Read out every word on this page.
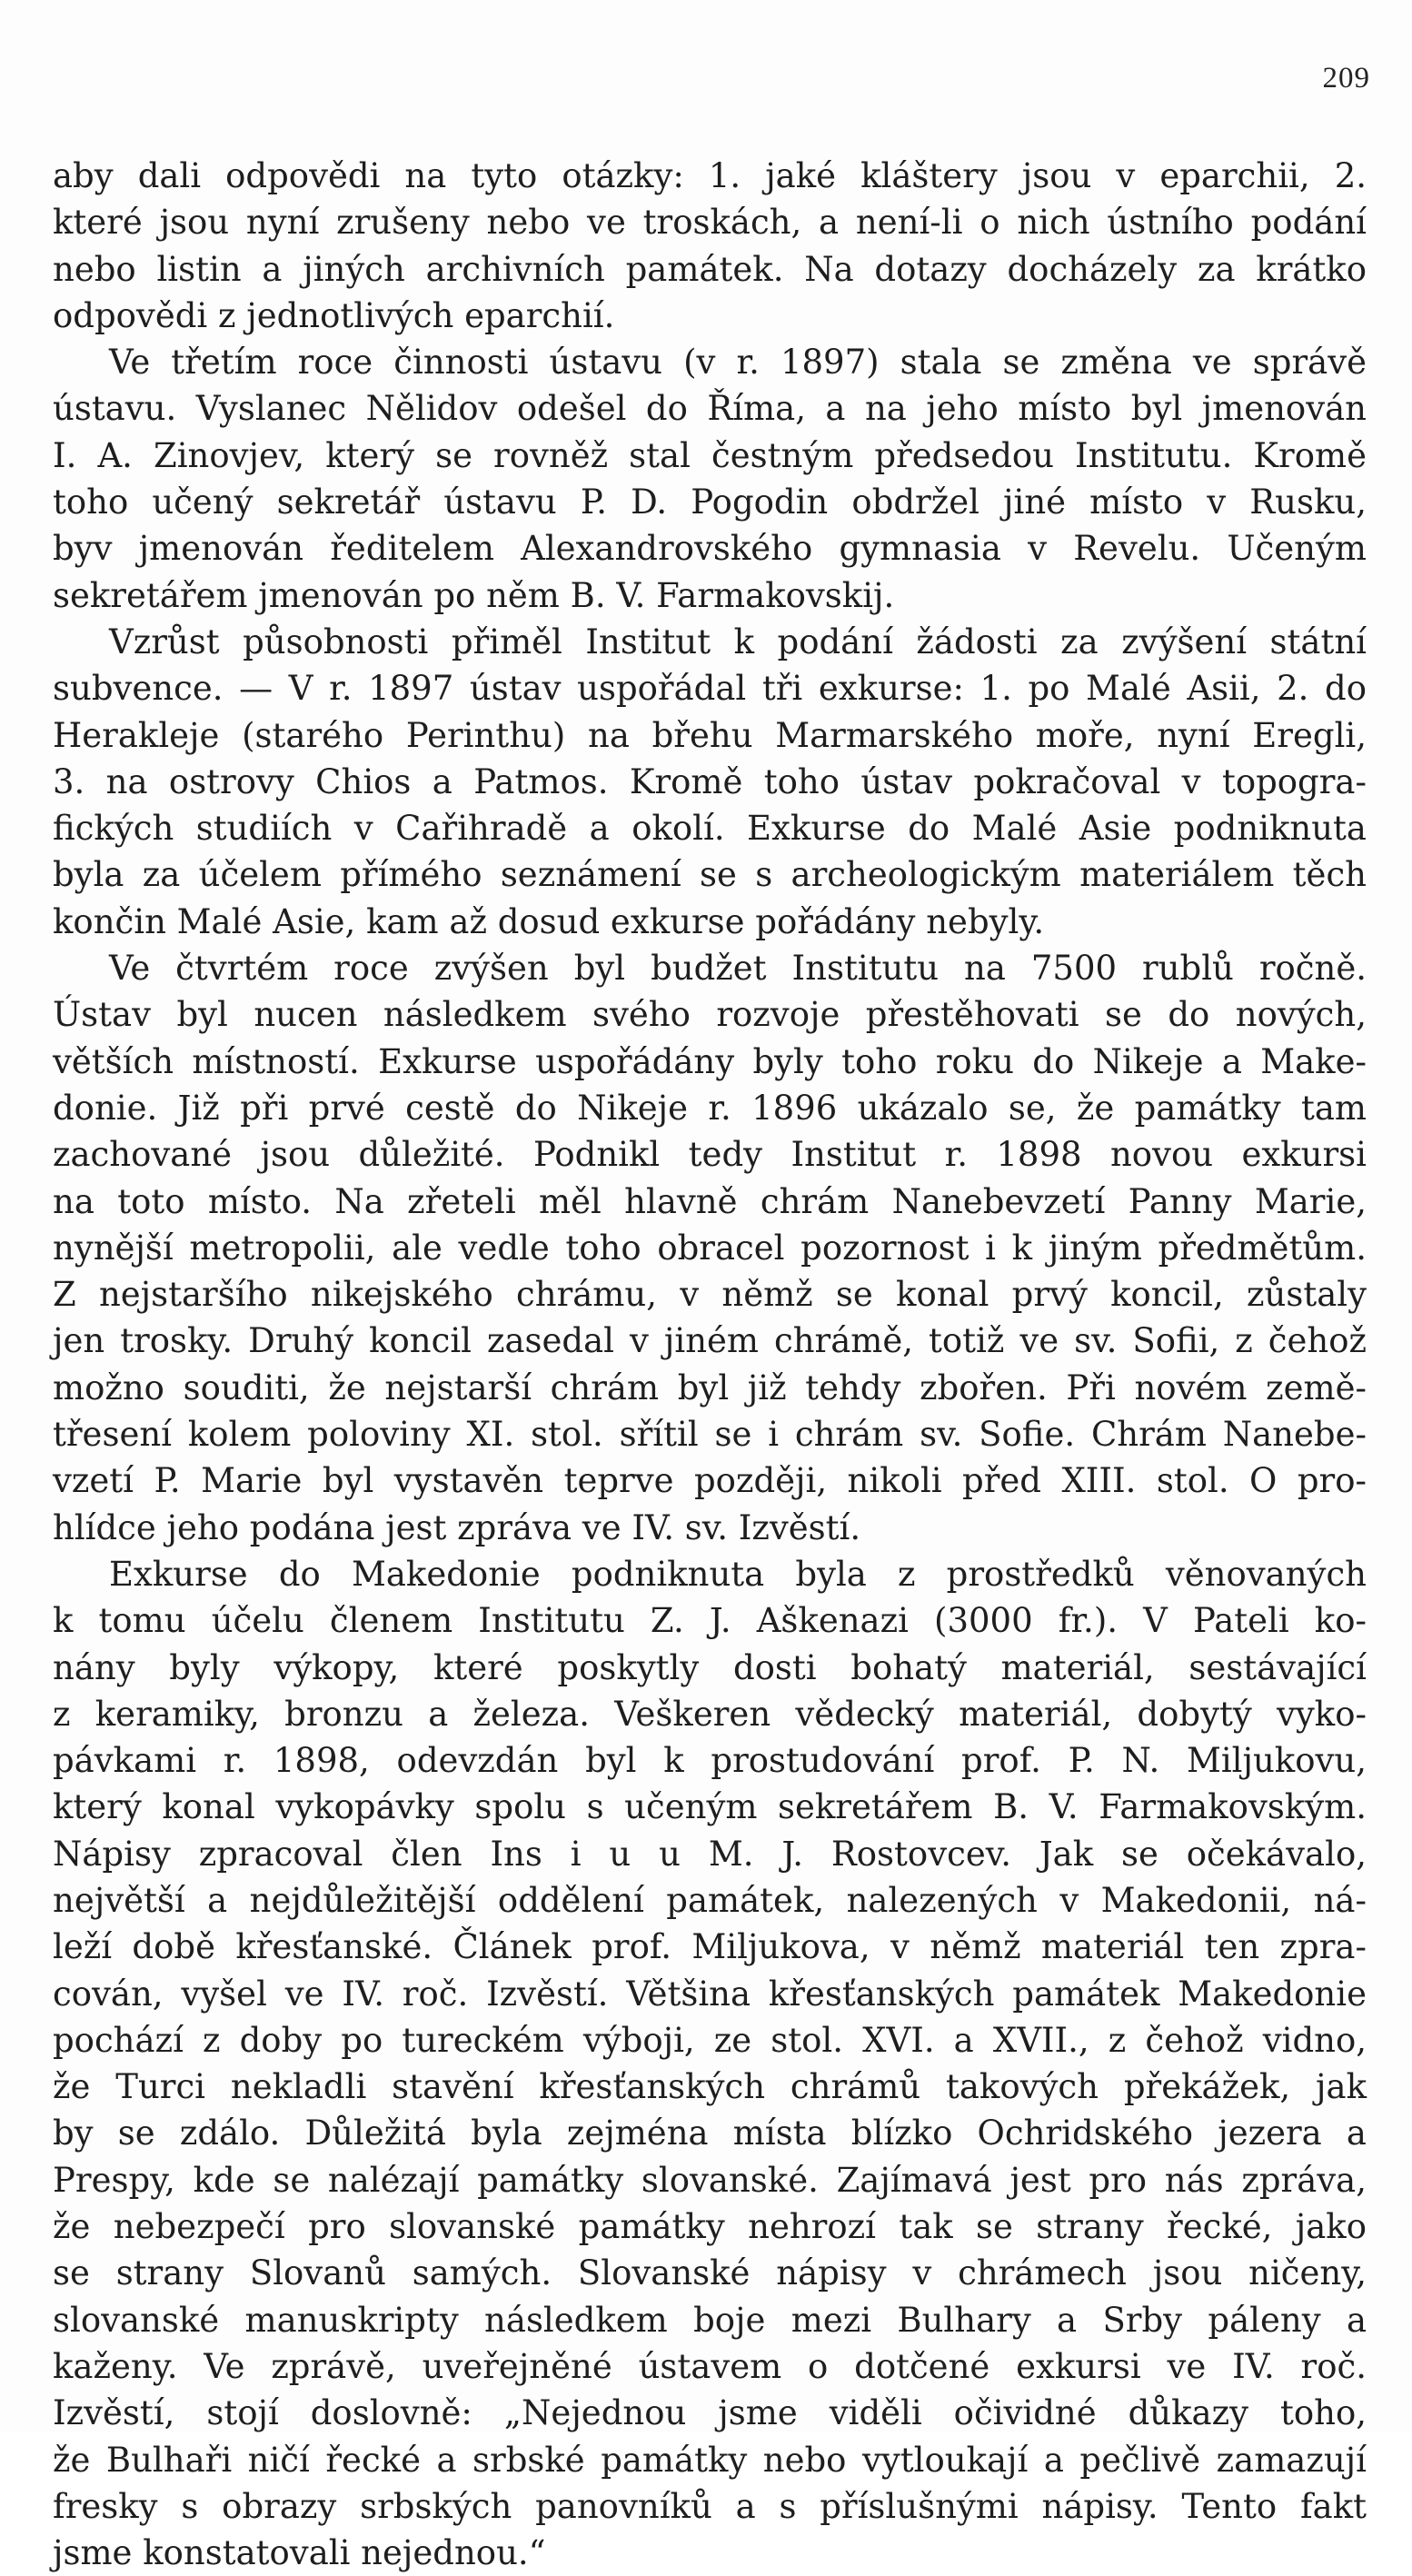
209
aby dali odpovědi na tyto otázky: 1. jaké kláštery jsou v eparchii, 2.
které jsou nyní zrušeny nebo ve troskách, a není-li o nich ústního podání
nebo listin a jiných archivních památek. Na dotazy docházely za krátko
odpovědi z jednotlivých eparchií.
Ve třetím roce činnosti ústavu (v r. 1897) stala se změna ve správě
ústavu. Vyslanec Nělidov odešel do Říma, a na jeho místo byl jmenován
I. A. Zinovjev, který se rovněž stal čestným předsedou Institutu. Kromě
toho učený sekretář ústavu P. D. Pogodin obdržel jiné místo v Rusku,
byv jmenován ředitelem Alexandrovského gymnasia v Revelu. Učeným
sekretářem jmenován po něm B. V. Farmakovskij.
Vzrůst působnosti přiměl Institut k podání žádosti za zvýšení státní
subvence. — V r. 1897 ústav uspořádal tři exkurse: 1. po Malé Asii, 2. do
Herakleje (starého Perinthu) na břehu Marmarského moře, nyní Eregli,
3. na ostrovy Chios a Patmos. Kromě toho ústav pokračoval v topogra-
fických studiích v Cařihradě a okolí. Exkurse do Malé Asie podniknuta
byla za účelem přímého seznámení se s archeologickým materiálem těch
končin Malé Asie, kam až dosud exkurse pořádány nebyly.
Ve čtvrtém roce zvýšen byl budžet Institutu na 7500 rublů ročně.
Ústav byl nucen následkem svého rozvoje přestěhovati se do nových,
větších místností. Exkurse uspořádány byly toho roku do Nikeje a Make-
donie. Již při prvé cestě do Nikeje r. 1896 ukázalo se, že památky tam
zachované jsou důležité. Podnikl tedy Institut r. 1898 novou exkursi
na toto místo. Na zřeteli měl hlavně chrám Nanebevzetí Panny Marie,
nynější metropolii, ale vedle toho obracel pozornost i k jiným předmětům.
Z nejstaršího nikejského chrámu, v němž se konal prvý koncil, zůstaly
jen trosky. Druhý koncil zasedal v jiném chrámě, totiž ve sv. Sofii, z čehož
možno souditi, že nejstarší chrám byl již tehdy zbořen. Při novém země-
třesení kolem poloviny XI. stol. sřítil se i chrám sv. Sofie. Chrám Nanebe-
vzetí P. Marie byl vystavěn teprve později, nikoli před XIII. stol. O pro-
hlídce jeho podána jest zpráva ve IV. sv. Izvěstí.
Exkurse do Makedonie podniknuta byla z prostředků věnovaných
k tomu účelu členem Institutu Z. J. Aškenazi (3000 fr.). V Pateli ko-
nány byly výkopy, které poskytly dosti bohatý materiál, sestávající
z keramiky, bronzu a železa. Veškeren vědecký materiál, dobytý vyko-
pávkami r. 1898, odevzdán byl k prostudování prof. P. N. Miljukovu,
který konal vykopávky spolu s učeným sekretářem B. V. Farmakovským.
Nápisy zpracoval člen Ins i u u M. J. Rostovcev. Jak se očekávalo,
největší a nejdůležitější oddělení památek, nalezených v Makedonii, ná-
leží době křesťanské. Článek prof. Miljukova, v němž materiál ten zpra-
cován, vyšel ve IV. roč. Izvěstí. Většina křesťanských památek Makedonie
pochází z doby po tureckém výboji, ze stol. XVI. a XVII., z čehož vidno,
že Turci nekladli stavění křesťanských chrámů takových překážek, jak
by se zdálo. Důležitá byla zejména místa blízko Ochridského jezera a
Prespy, kde se nalézají památky slovanské. Zajímavá jest pro nás zpráva,
že nebezpečí pro slovanské památky nehrozí tak se strany řecké, jako
se strany Slovanů samých. Slovanské nápisy v chrámech jsou ničeny,
slovanské manuskripty následkem boje mezi Bulhary a Srby páleny a
kaženy. Ve zprávě, uveřejněné ústavem o dotčené exkursi ve IV. roč.
Izvěstí, stojí doslovně: „Nejednou jsme viděli očividné důkazy toho,
že Bulhaři ničí řecké a srbské památky nebo vytloukají a pečlivě zamazují
fresky s obrazy srbských panovníků a s příslušnými nápisy. Tento fakt
jsme konstatovali nejednou.“
